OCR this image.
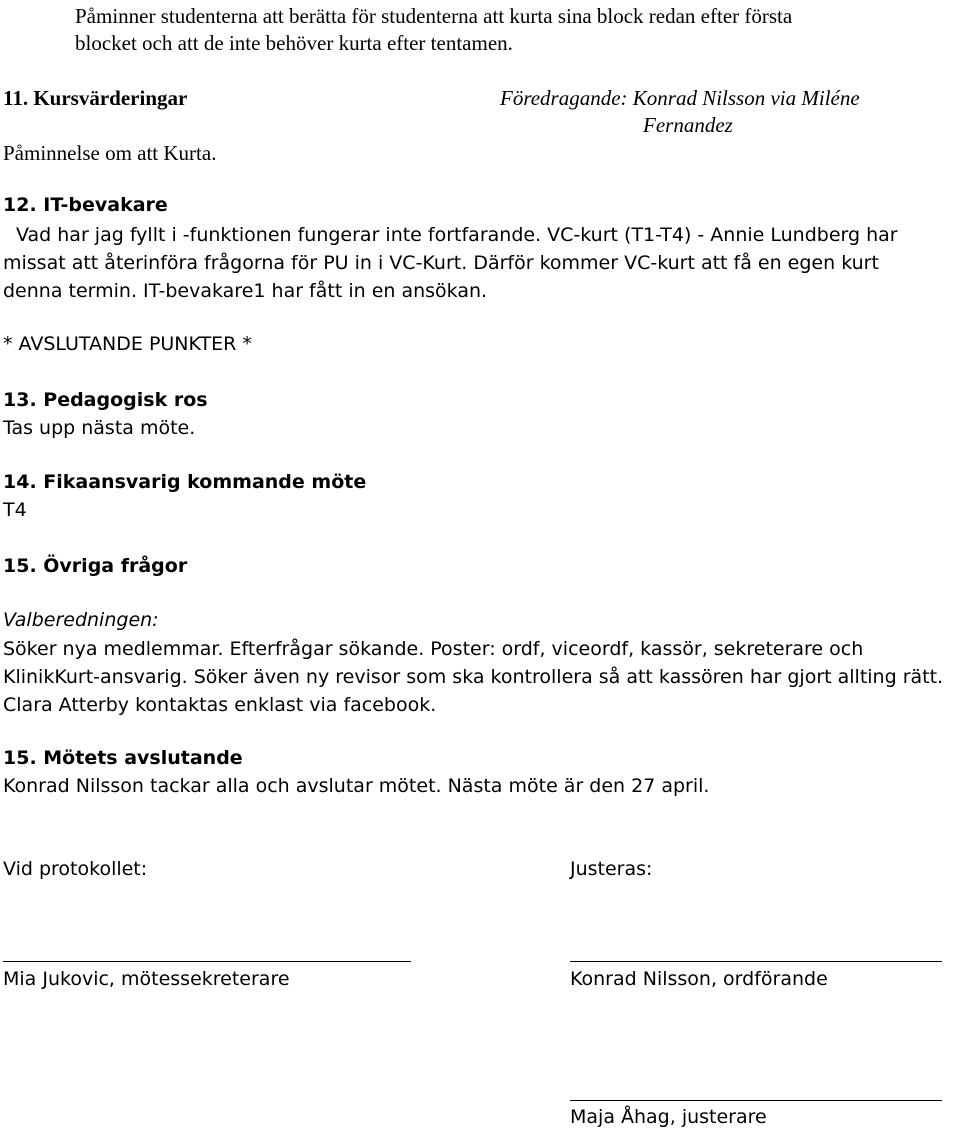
Påminner studenterna att berätta för studenterna att kurta sina block redan efter första
blocket och att de inte behöver kurta efter tentamen.
11. Kursvärderingar	Föredragande: Konrad Nilsson via Miléne
Fernandez
Påminnelse om att Kurta.
12. IT-bevakare
Vad har jag fyllt i -funktionen fungerar inte fortfarande. VC-kurt (T1-T4) - Annie Lundberg har
missat att återinföra frågorna för PU in i VC-Kurt. Därför kommer VC-kurt att få en egen kurt
denna termin. IT-bevakare1 har fått in en ansökan.
* AVSLUTANDE PUNKTER *
13. Pedagogisk ros
Tas upp nästa möte.
14. Fikaansvarig kommande möte
T4
15. Övriga frågor
Valberedningen:
Söker nya medlemmar. Efterfrågar sökande. Poster: ordf, viceordf, kassör, sekreterare och
KlinikKurt-ansvarig. Söker även ny revisor som ska kontrollera så att kassören har gjort allting rätt.
Clara Atterby kontaktas enklast via facebook.
15. Mötets avslutande
Konrad Nilsson tackar alla och avslutar mötet. Nästa möte är den 27 april.
Vid protokollet:	Justeras:
Mia Jukovic, mötessekreterare	Konrad Nilsson, ordförande
Maja Åhag, justerare
